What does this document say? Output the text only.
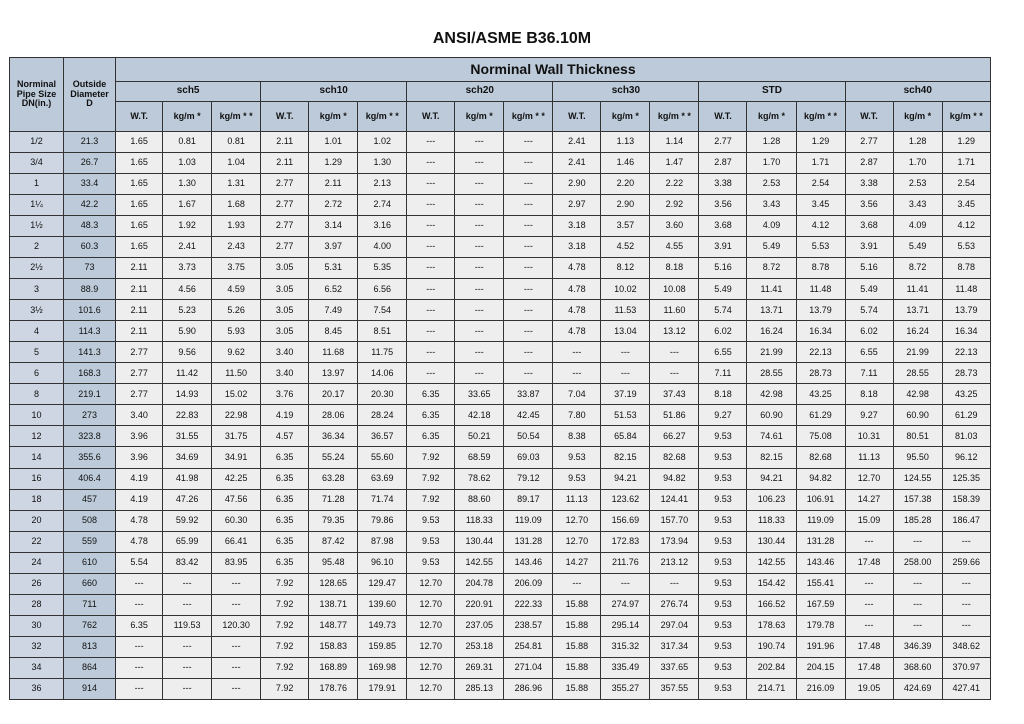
ANSI/ASME B36.10M
Norminal
Pipe Size
DN(in.)	Outside
Diameter
D	Norminal Wall Thickness																	
		sch5			sch10			sch20			sch30			STD			sch40		
		W.T.	kg/m *	kg/m * *	W.T.	kg/m *	kg/m * *	W.T.	kg/m *	kg/m * *	W.T.	kg/m *	kg/m * *	W.T.	kg/m *	kg/m * *	W.T.	kg/m *	kg/m * *
1/2	21.3	1.65	0.81	0.81	2.11	1.01	1.02	---	---	---	2.41	1.13	1.14	2.77	1.28	1.29	2.77	1.28	1.29
3/4	26.7	1.65	1.03	1.04	2.11	1.29	1.30	---	---	---	2.41	1.46	1.47	2.87	1.70	1.71	2.87	1.70	1.71
1	33.4	1.65	1.30	1.31	2.77	2.11	2.13	---	---	---	2.90	2.20	2.22	3.38	2.53	2.54	3.38	2.53	2.54
1¼	42.2	1.65	1.67	1.68	2.77	2.72	2.74	---	---	---	2.97	2.90	2.92	3.56	3.43	3.45	3.56	3.43	3.45
1½	48.3	1.65	1.92	1.93	2.77	3.14	3.16	---	---	---	3.18	3.57	3.60	3.68	4.09	4.12	3.68	4.09	4.12
2	60.3	1.65	2.41	2.43	2.77	3.97	4.00	---	---	---	3.18	4.52	4.55	3.91	5.49	5.53	3.91	5.49	5.53
2½	73	2.11	3.73	3.75	3.05	5.31	5.35	---	---	---	4.78	8.12	8.18	5.16	8.72	8.78	5.16	8.72	8.78
3	88.9	2.11	4.56	4.59	3.05	6.52	6.56	---	---	---	4.78	10.02	10.08	5.49	11.41	11.48	5.49	11.41	11.48
3½	101.6	2.11	5.23	5.26	3.05	7.49	7.54	---	---	---	4.78	11.53	11.60	5.74	13.71	13.79	5.74	13.71	13.79
4	114.3	2.11	5.90	5.93	3.05	8.45	8.51	---	---	---	4.78	13.04	13.12	6.02	16.24	16.34	6.02	16.24	16.34
5	141.3	2.77	9.56	9.62	3.40	11.68	11.75	---	---	---	---	---	---	6.55	21.99	22.13	6.55	21.99	22.13
6	168.3	2.77	11.42	11.50	3.40	13.97	14.06	---	---	---	---	---	---	7.11	28.55	28.73	7.11	28.55	28.73
8	219.1	2.77	14.93	15.02	3.76	20.17	20.30	6.35	33.65	33.87	7.04	37.19	37.43	8.18	42.98	43.25	8.18	42.98	43.25
10	273	3.40	22.83	22.98	4.19	28.06	28.24	6.35	42.18	42.45	7.80	51.53	51.86	9.27	60.90	61.29	9.27	60.90	61.29
12	323.8	3.96	31.55	31.75	4.57	36.34	36.57	6.35	50.21	50.54	8.38	65.84	66.27	9.53	74.61	75.08	10.31	80.51	81.03
14	355.6	3.96	34.69	34.91	6.35	55.24	55.60	7.92	68.59	69.03	9.53	82.15	82.68	9.53	82.15	82.68	11.13	95.50	96.12
16	406.4	4.19	41.98	42.25	6.35	63.28	63.69	7.92	78.62	79.12	9.53	94.21	94.82	9.53	94.21	94.82	12.70	124.55	125.35
18	457	4.19	47.26	47.56	6.35	71.28	71.74	7.92	88.60	89.17	11.13	123.62	124.41	9.53	106.23	106.91	14.27	157.38	158.39
20	508	4.78	59.92	60.30	6.35	79.35	79.86	9.53	118.33	119.09	12.70	156.69	157.70	9.53	118.33	119.09	15.09	185.28	186.47
22	559	4.78	65.99	66.41	6.35	87.42	87.98	9.53	130.44	131.28	12.70	172.83	173.94	9.53	130.44	131.28	---	---	---
24	610	5.54	83.42	83.95	6.35	95.48	96.10	9.53	142.55	143.46	14.27	211.76	213.12	9.53	142.55	143.46	17.48	258.00	259.66
26	660	---	---	---	7.92	128.65	129.47	12.70	204.78	206.09	---	---	---	9.53	154.42	155.41	---	---	---
28	711	---	---	---	7.92	138.71	139.60	12.70	220.91	222.33	15.88	274.97	276.74	9.53	166.52	167.59	---	---	---
30	762	6.35	119.53	120.30	7.92	148.77	149.73	12.70	237.05	238.57	15.88	295.14	297.04	9.53	178.63	179.78	---	---	---
32	813	---	---	---	7.92	158.83	159.85	12.70	253.18	254.81	15.88	315.32	317.34	9.53	190.74	191.96	17.48	346.39	348.62
34	864	---	---	---	7.92	168.89	169.98	12.70	269.31	271.04	15.88	335.49	337.65	9.53	202.84	204.15	17.48	368.60	370.97
36	914	---	---	---	7.92	178.76	179.91	12.70	285.13	286.96	15.88	355.27	357.55	9.53	214.71	216.09	19.05	424.69	427.41
